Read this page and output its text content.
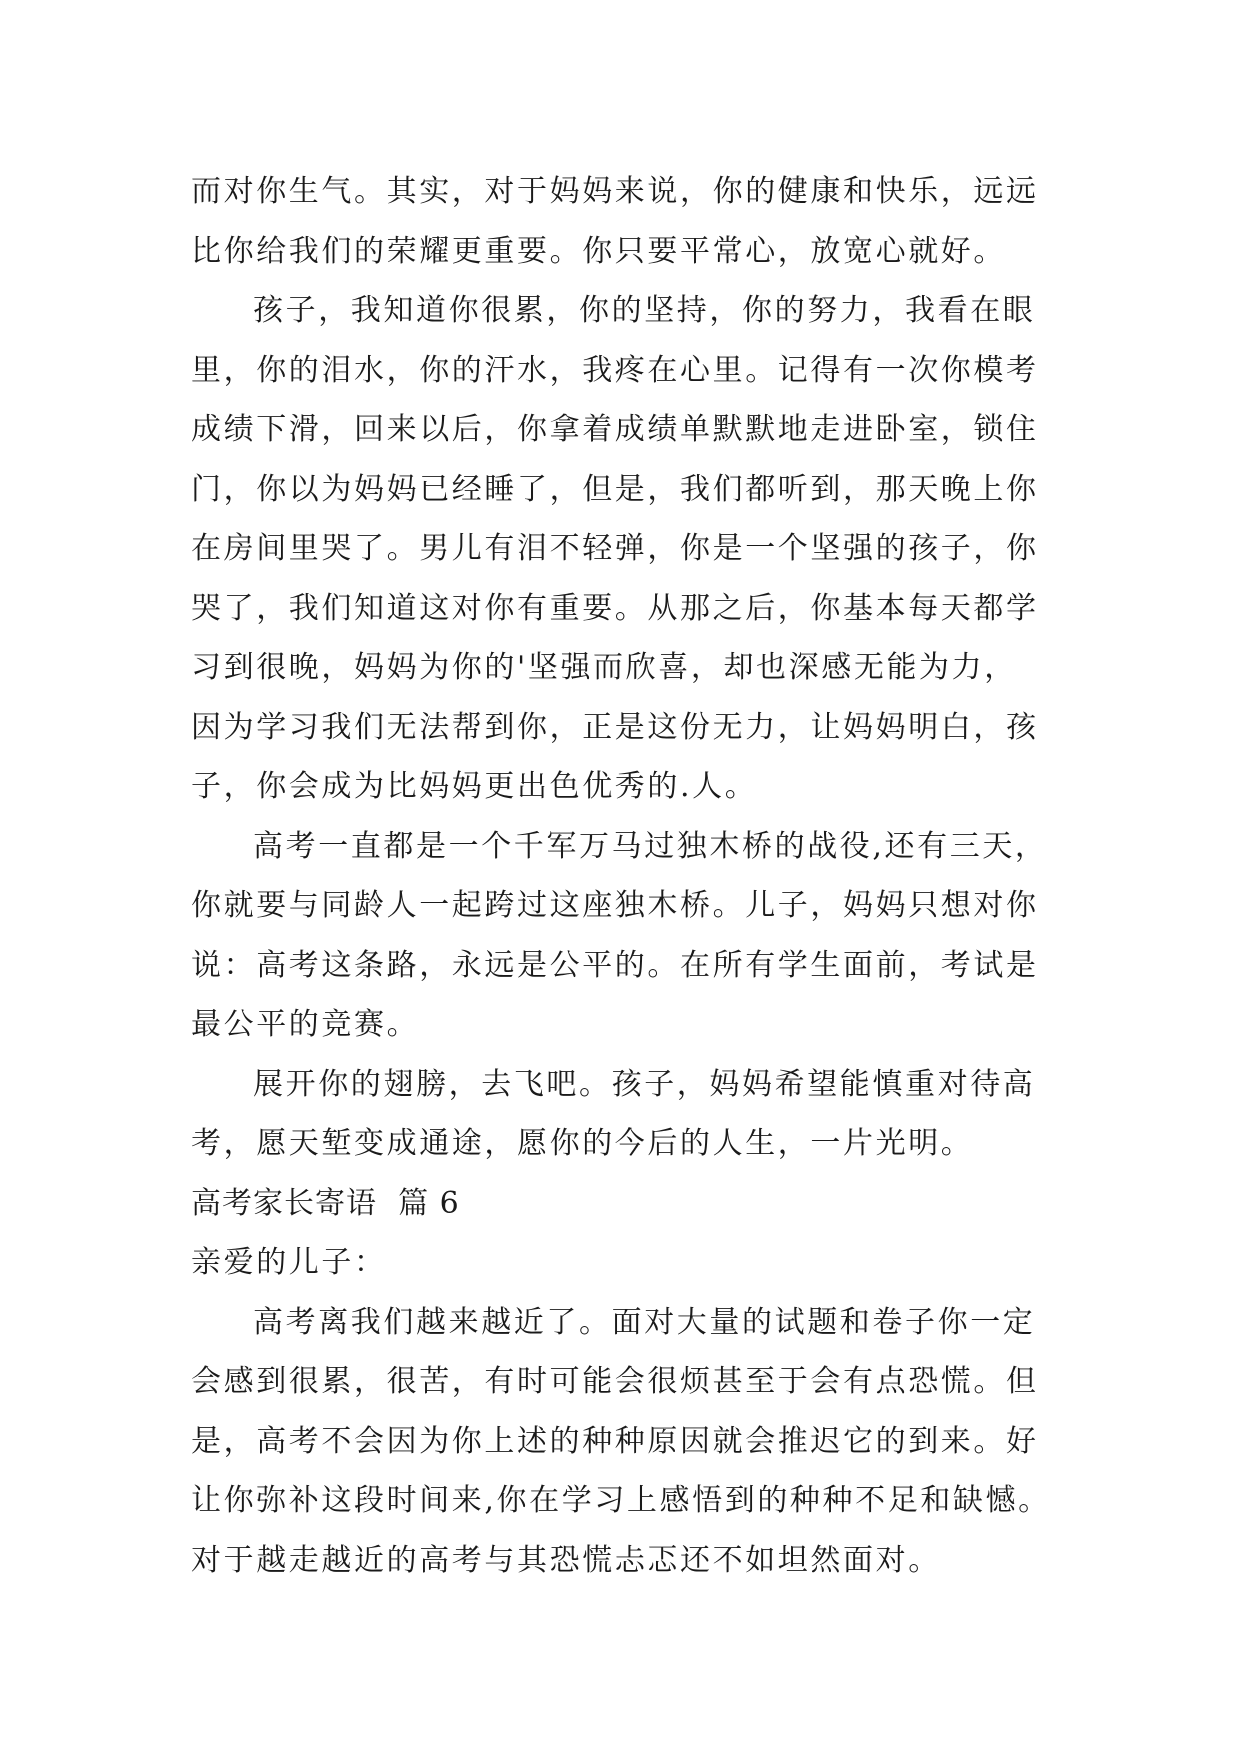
而对你生气。其实，对于妈妈来说，你的健康和快乐，远远
比你给我们的荣耀更重要。你只要平常心，放宽心就好。
孩子，我知道你很累，你的坚持，你的努力，我看在眼
里，你的泪水，你的汗水，我疼在心里。记得有一次你模考
成绩下滑，回来以后，你拿着成绩单默默地走进卧室，锁住
门，你以为妈妈已经睡了，但是，我们都听到，那天晚上你
在房间里哭了。男儿有泪不轻弹，你是一个坚强的孩子，你
哭了，我们知道这对你有重要。从那之后，你基本每天都学
习到很晚，妈妈为你的'坚强而欣喜，却也深感无能为力，
因为学习我们无法帮到你，正是这份无力，让妈妈明白，孩
子，你会成为比妈妈更出色优秀的.人。
高考一直都是一个千军万马过独木桥的战役,还有三天，
你就要与同龄人一起跨过这座独木桥。儿子，妈妈只想对你
说：高考这条路，永远是公平的。在所有学生面前，考试是
最公平的竞赛。
展开你的翅膀，去飞吧。孩子，妈妈希望能慎重对待高
考，愿天堑变成通途，愿你的今后的人生，一片光明。
高考家长寄语  篇 6
亲爱的儿子：
高考离我们越来越近了。面对大量的试题和卷子你一定
会感到很累，很苦，有时可能会很烦甚至于会有点恐慌。但
是，高考不会因为你上述的种种原因就会推迟它的到来。好
让你弥补这段时间来,你在学习上感悟到的种种不足和缺憾。
对于越走越近的高考与其恐慌忐忑还不如坦然面对。
